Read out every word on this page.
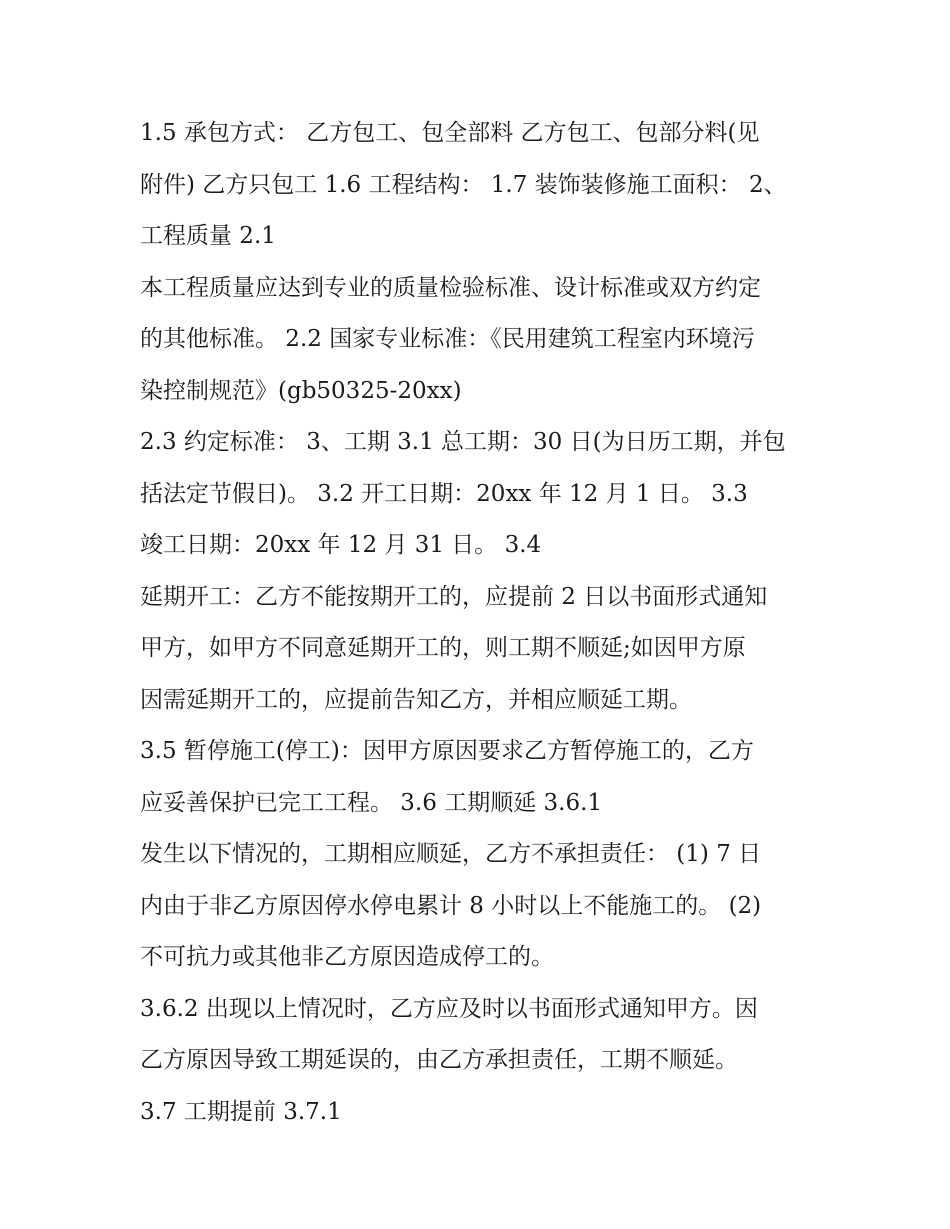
1.5 承包方式： 乙方包工、包全部料 乙方包工、包部分料(见
附件) 乙方只包工 1.6 工程结构： 1.7 装饰装修施工面积： 2、
工程质量 2.1

本工程质量应达到专业的质量检验标准、设计标准或双方约定
的其他标准。 2.2 国家专业标准：《民用建筑工程室内环境污
染控制规范》(gb50325-20xx)

2.3 约定标准： 3、工期 3.1 总工期：30 日(为日历工期，并包
括法定节假日)。 3.2 开工日期：20xx 年 12 月 1 日。 3.3
竣工日期：20xx 年 12 月 31 日。 3.4

延期开工：乙方不能按期开工的，应提前 2 日以书面形式通知
甲方，如甲方不同意延期开工的，则工期不顺延;如因甲方原
因需延期开工的，应提前告知乙方，并相应顺延工期。

3.5 暂停施工(停工)：因甲方原因要求乙方暂停施工的，乙方
应妥善保护已完工工程。 3.6 工期顺延 3.6.1

发生以下情况的，工期相应顺延，乙方不承担责任： (1) 7 日
内由于非乙方原因停水停电累计 8 小时以上不能施工的。 (2)
不可抗力或其他非乙方原因造成停工的。

3.6.2 出现以上情况时，乙方应及时以书面形式通知甲方。因
乙方原因导致工期延误的，由乙方承担责任，工期不顺延。

3.7 工期提前 3.7.1
